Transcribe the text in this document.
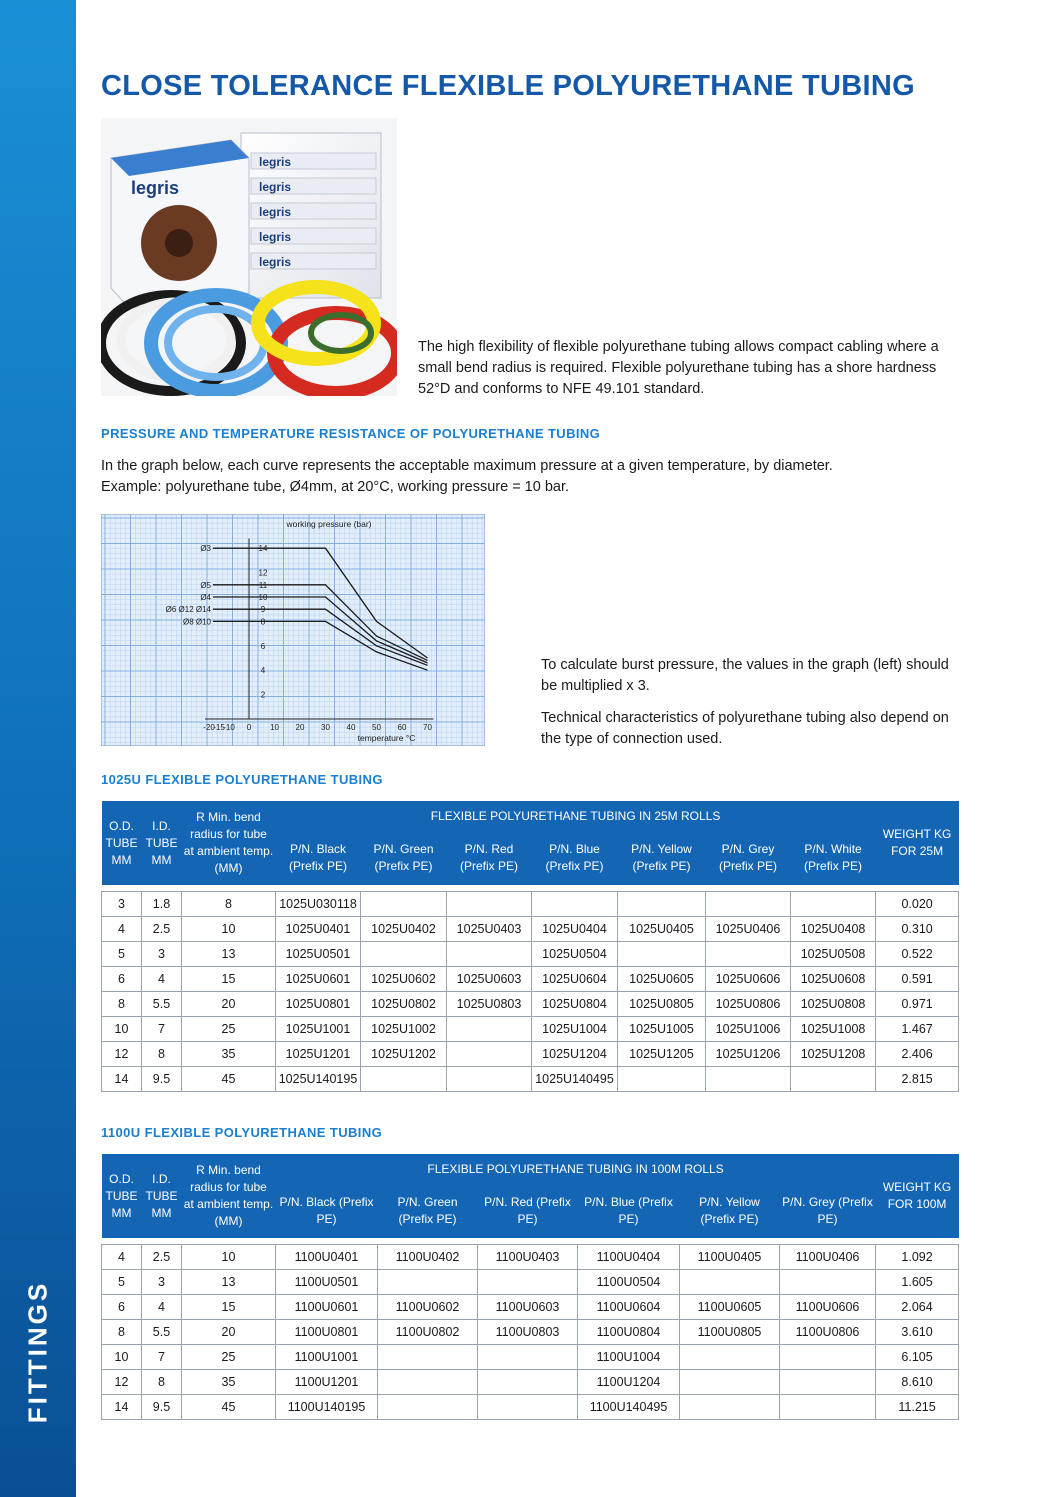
FITTINGS
CLOSE TOLERANCE FLEXIBLE POLYURETHANE TUBING
legris
legris
legris
legris
legris
legris

The high flexibility of flexible polyurethane tubing allows compact cabling where a small bend radius is required. Flexible polyurethane tubing has a shore hardness 52°D and conforms to NFE 49.101 standard.

PRESSURE AND TEMPERATURE RESISTANCE OF POLYURETHANE TUBING

In the graph below, each curve represents the acceptable maximum pressure at a given temperature, by diameter.
Example: polyurethane tube, Ø4mm, at 20°C, working pressure = 10 bar.

-20
-15
-10 0 10 20 30 40 50 60 70
2
4
6
8
9
10
11
12
14
working pressure (bar)
temperature °C
Ø3
Ø5
Ø4
Ø6 Ø12 Ø14
Ø8 Ø10

To calculate burst pressure, the values in the graph (left) should be multiplied x 3.

Technical characteristics of polyurethane tubing also depend on the type of connection used.

1025U FLEXIBLE POLYURETHANE TUBING
O.D. TUBE MM	I.D. TUBE MM	R Min. bend radius for tube at ambient temp. (MM)	FLEXIBLE POLYURETHANE TUBING IN 25M ROLLS							WEIGHT KG FOR 25M
			P/N. Black (Prefix PE)	P/N. Green (Prefix PE)	P/N. Red (Prefix PE)	P/N. Blue (Prefix PE)	P/N. Yellow (Prefix PE)	P/N. Grey (Prefix PE)	P/N. White (Prefix PE)	

3	1.8	8	1025U030118							0.020
4	2.5	10	1025U0401	1025U0402	1025U0403	1025U0404	1025U0405	1025U0406	1025U0408	0.310
5	3	13	1025U0501			1025U0504			1025U0508	0.522
6	4	15	1025U0601	1025U0602	1025U0603	1025U0604	1025U0605	1025U0606	1025U0608	0.591
8	5.5	20	1025U0801	1025U0802	1025U0803	1025U0804	1025U0805	1025U0806	1025U0808	0.971
10	7	25	1025U1001	1025U1002		1025U1004	1025U1005	1025U1006	1025U1008	1.467
12	8	35	1025U1201	1025U1202		1025U1204	1025U1205	1025U1206	1025U1208	2.406
14	9.5	45	1025U140195			1025U140495				2.815
1100U FLEXIBLE POLYURETHANE TUBING
O.D. TUBE MM	I.D. TUBE MM	R Min. bend radius for tube at ambient temp. (MM)	FLEXIBLE POLYURETHANE TUBING IN 100M ROLLS						WEIGHT KG FOR 100M
			P/N. Black (Prefix PE)	P/N. Green (Prefix PE)	P/N. Red (Prefix PE)	P/N. Blue (Prefix PE)	P/N. Yellow (Prefix PE)	P/N. Grey (Prefix PE)	

4	2.5	10	1100U0401	1100U0402	1100U0403	1100U0404	1100U0405	1100U0406	1.092
5	3	13	1100U0501			1100U0504			1.605
6	4	15	1100U0601	1100U0602	1100U0603	1100U0604	1100U0605	1100U0606	2.064
8	5.5	20	1100U0801	1100U0802	1100U0803	1100U0804	1100U0805	1100U0806	3.610
10	7	25	1100U1001			1100U1004			6.105
12	8	35	1100U1201			1100U1204			8.610
14	9.5	45	1100U140195			1100U140495			11.215
